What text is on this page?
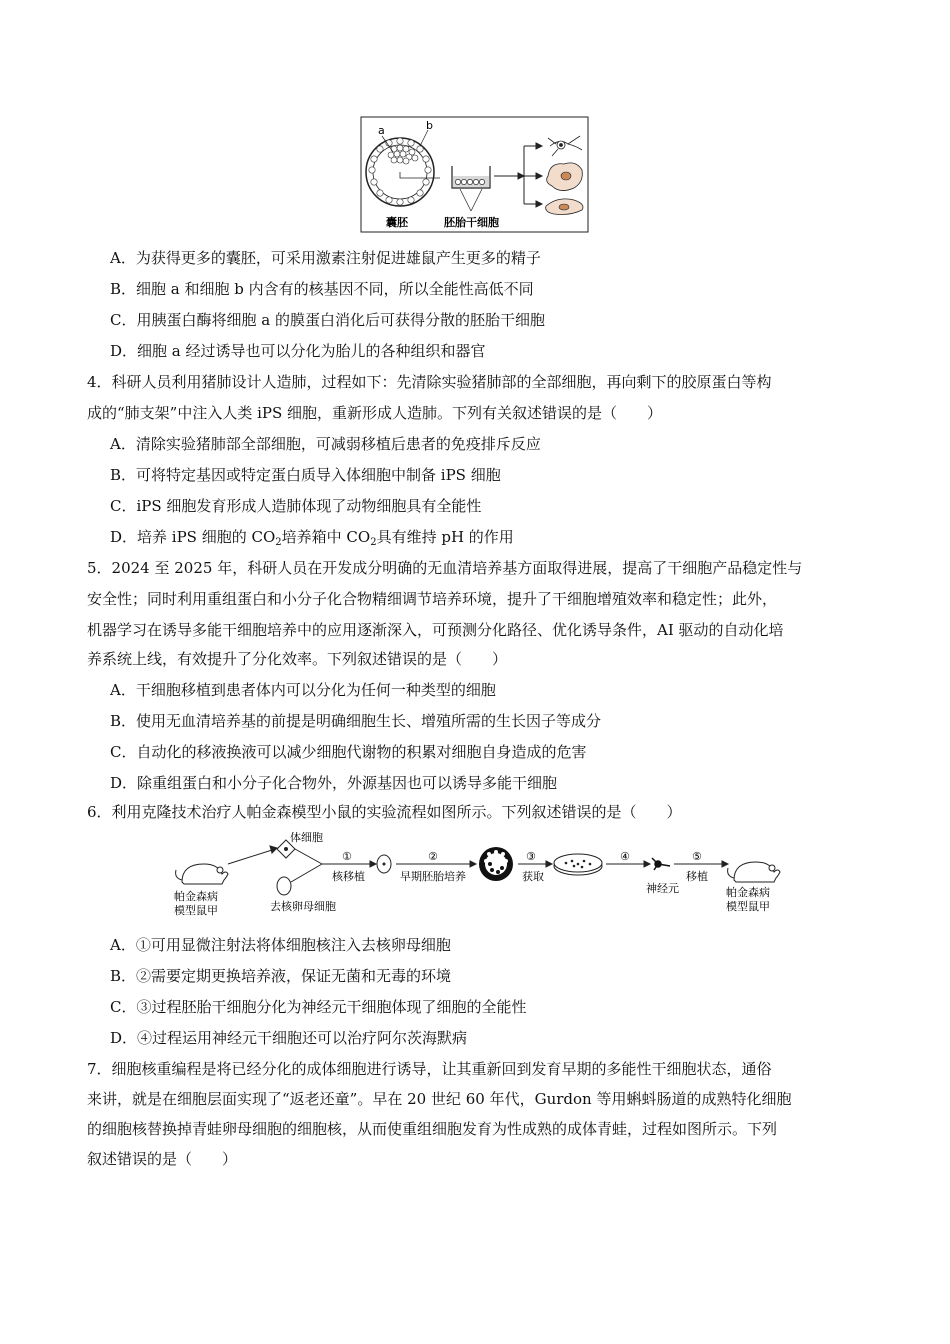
a	b
囊胚	胚胎干细胞
A．为获得更多的囊胚，可采用激素注射促进雄鼠产生更多的精子
B．细胞 a 和细胞 b 内含有的核基因不同，所以全能性高低不同
C．用胰蛋白酶将细胞 a 的膜蛋白消化后可获得分散的胚胎干细胞
D．细胞 a 经过诱导也可以分化为胎儿的各种组织和器官
4．科研人员利用猪肺设计人造肺，过程如下：先清除实验猪肺部的全部细胞，再向剩下的胶原蛋白等构
成的“肺支架”中注入人类 iPS 细胞，重新形成人造肺。下列有关叙述错误的是（　　）
A．清除实验猪肺部全部细胞，可减弱移植后患者的免疫排斥反应
B．可将特定基因或特定蛋白质导入体细胞中制备 iPS 细胞
C．iPS 细胞发育形成人造肺体现了动物细胞具有全能性
D．培养 iPS 细胞的 $CO_2$培养箱中 $CO_2$具有维持 pH 的作用
5．2024 至 2025 年，科研人员在开发成分明确的无血清培养基方面取得进展，提高了干细胞产品稳定性与
安全性；同时利用重组蛋白和小分子化合物精细调节培养环境，提升了干细胞增殖效率和稳定性；此外，
机器学习在诱导多能干细胞培养中的应用逐渐深入，可预测分化路径、优化诱导条件，AI 驱动的自动化培
养系统上线，有效提升了分化效率。下列叙述错误的是（　　）
A．干细胞移植到患者体内可以分化为任何一种类型的细胞
B．使用无血清培养基的前提是明确细胞生长、增殖所需的生长因子等成分
C．自动化的移液换液可以减少细胞代谢物的积累对细胞自身造成的危害
D．除重组蛋白和小分子化合物外，外源基因也可以诱导多能干细胞
6．利用克隆技术治疗人帕金森模型小鼠的实验流程如图所示。下列叙述错误的是（　　）
帕金森病
模型鼠甲
体细胞
去核卵母细胞
①
核移植
②
早期胚胎培养
③
获取
④
神经元
⑤
移植
帕金森病
模型鼠甲
A．①可用显微注射法将体细胞核注入去核卵母细胞
B．②需要定期更换培养液，保证无菌和无毒的环境
C．③过程胚胎干细胞分化为神经元干细胞体现了细胞的全能性
D．④过程运用神经元干细胞还可以治疗阿尔茨海默病
7．细胞核重编程是将已经分化的成体细胞进行诱导，让其重新回到发育早期的多能性干细胞状态，通俗
来讲，就是在细胞层面实现了“返老还童”。早在 20 世纪 60 年代，Gurdon 等用蝌蚪肠道的成熟特化细胞
的细胞核替换掉青蛙卵母细胞的细胞核，从而使重组细胞发育为性成熟的成体青蛙，过程如图所示。下列
叙述错误的是（　　）
